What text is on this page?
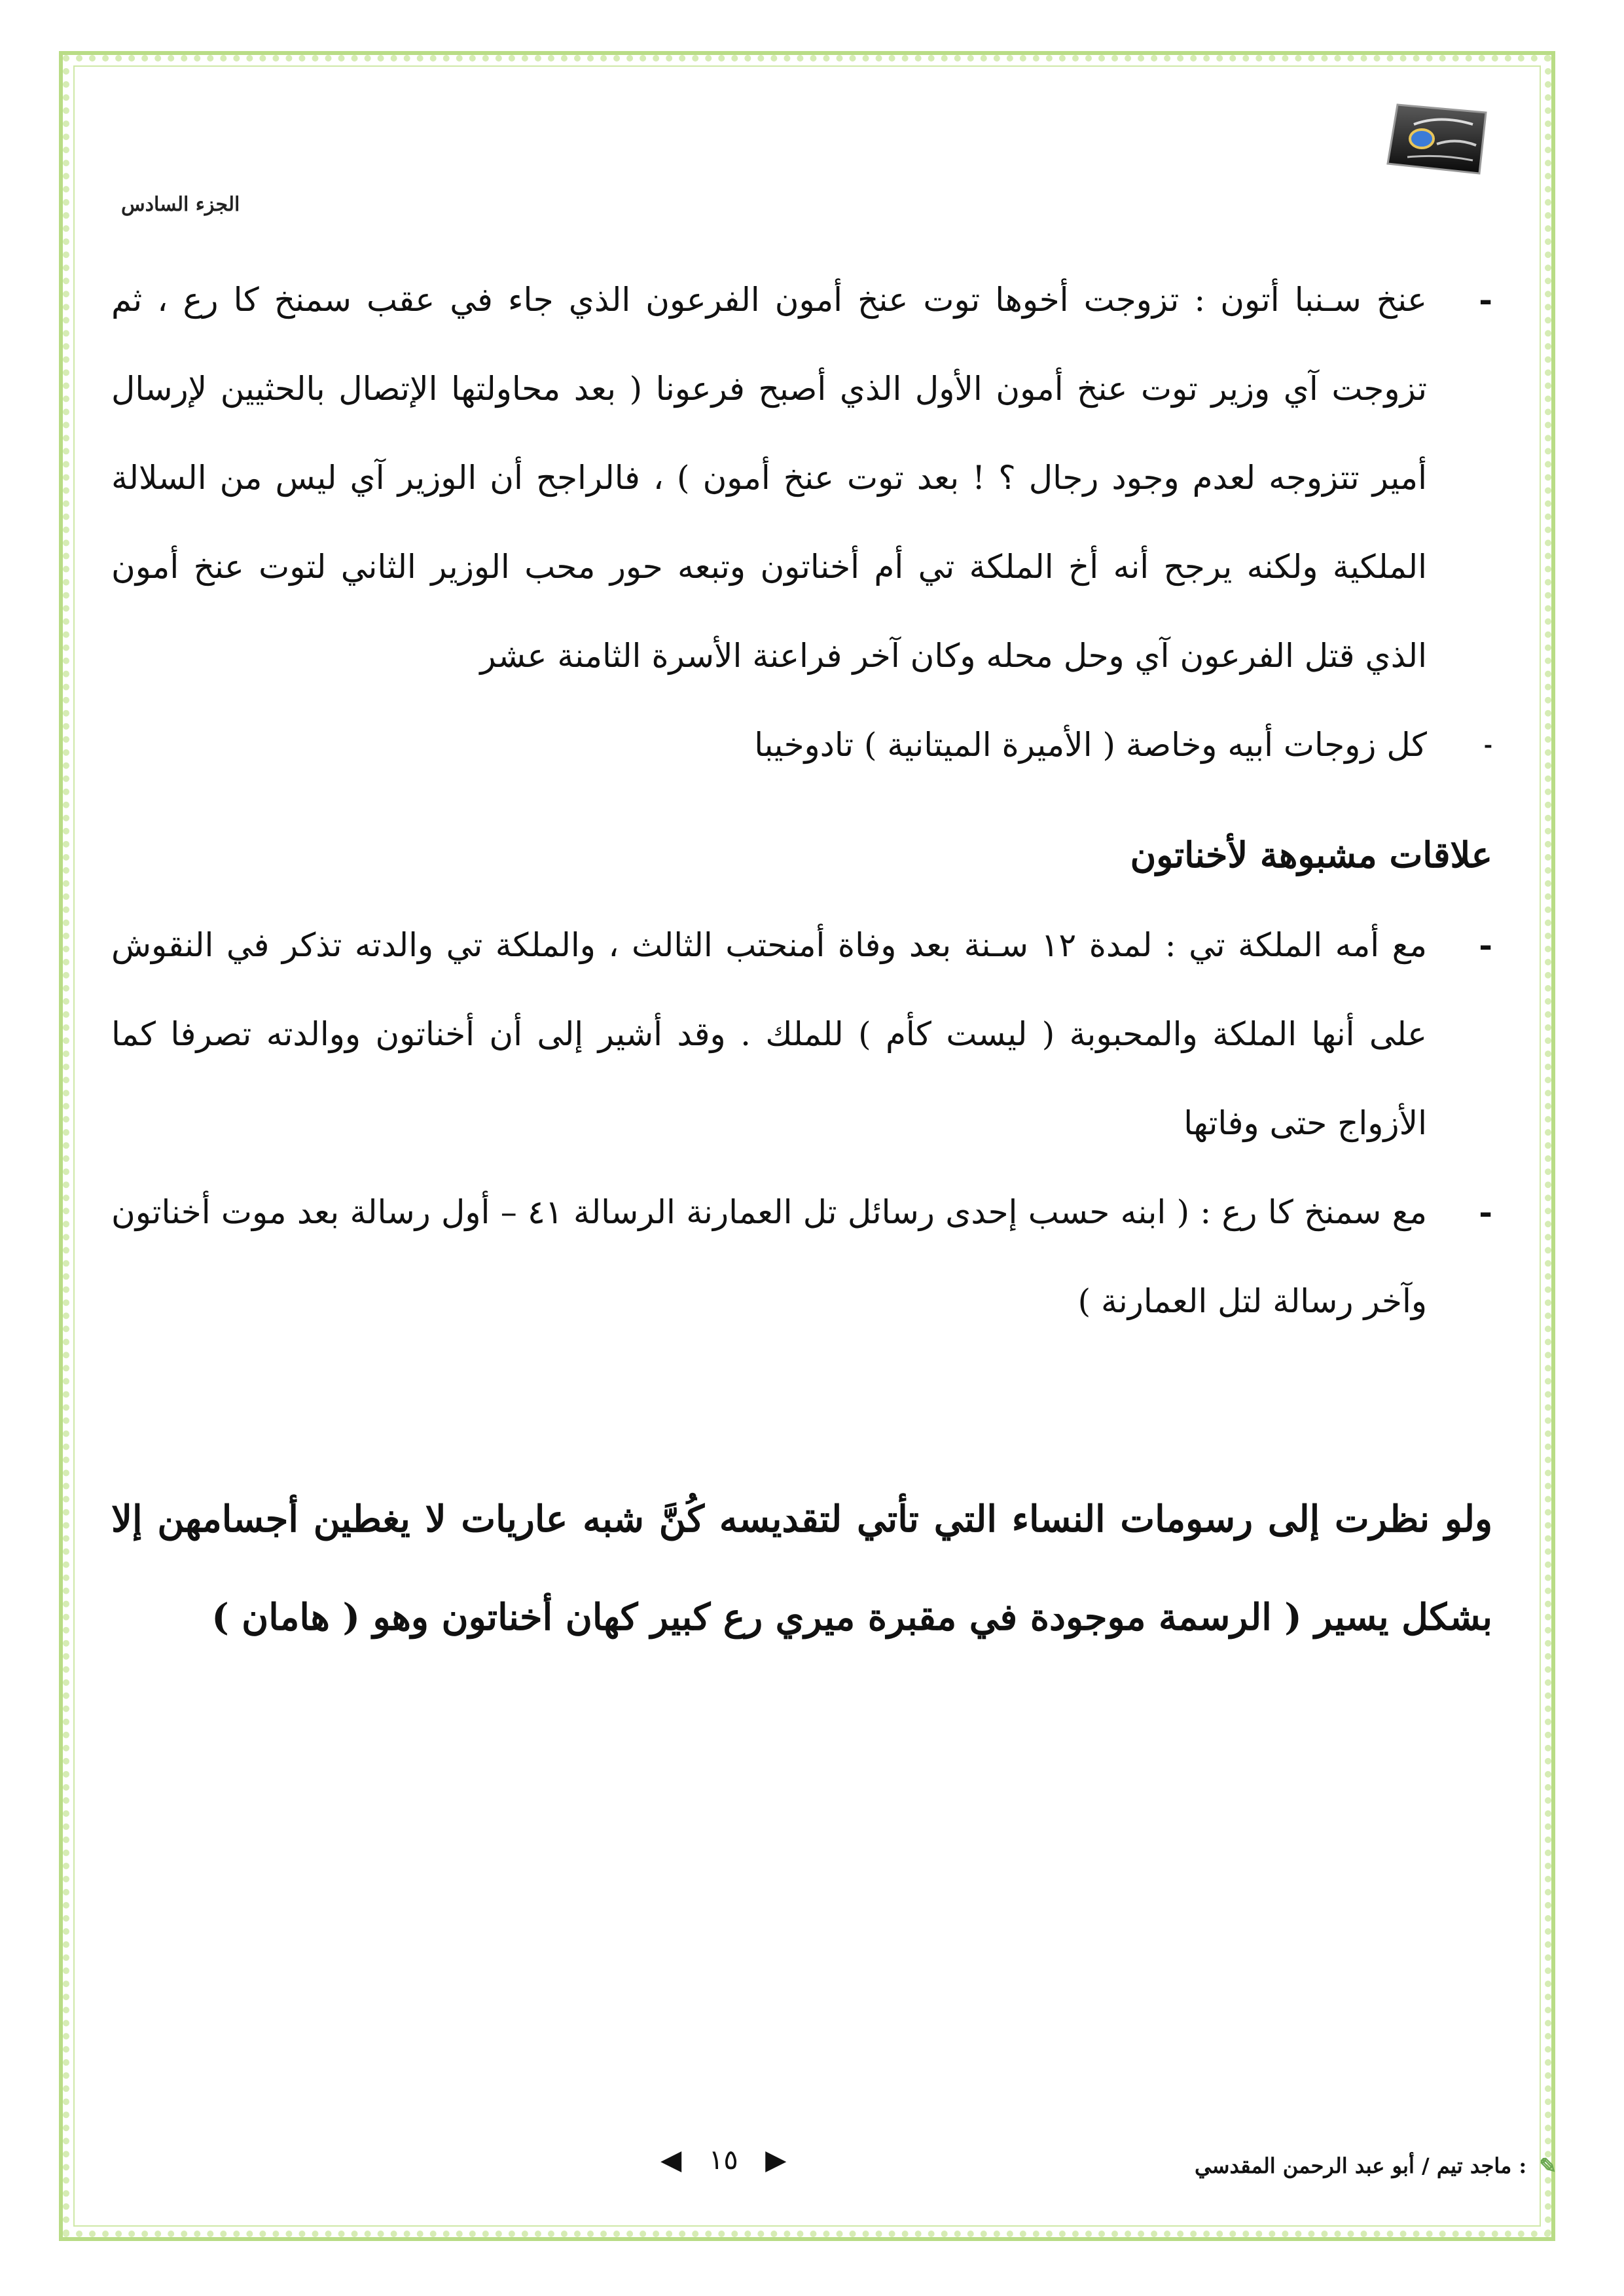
الجزء السادس
-
عنخ سـنبا أتون : تزوجت أخوها توت عنخ أمون الفرعون الذي جاء في عقب سمنخ كا رع ، ثم تزوجت آي وزير توت عنخ أمون الأول الذي أصبح فرعونا ( بعد محاولتها الإتصال بالحثيين لإرسال أمير تتزوجه لعدم وجود رجال ؟ ! بعد توت عنخ أمون ) ، فالراجح أن الوزير آي ليس من السلالة الملكية ولكنه يرجح أنه أخ الملكة تي أم أخناتون وتبعه حور محب الوزير الثاني لتوت عنخ أمون الذي قتل الفرعون آي وحل محله وكان آخر فراعنة الأسرة الثامنة عشر
-
كل زوجات أبيه وخاصة ( الأميرة الميتانية ) تادوخيبا
علاقات مشبوهة لأخناتون
-
مع أمه الملكة تي : لمدة ١٢ سـنة بعد وفاة أمنحتب الثالث ، والملكة تي والدته تذكر في النقوش على أنها الملكة والمحبوبة ( ليست كأم ) للملك . وقد أشير إلى أن أخناتون ووالدته تصرفا كما الأزواج حتى وفاتها
-
مع سمنخ كا رع : ( ابنه حسب إحدى رسائل تل العمارنة الرسالة ٤١ – أول رسالة بعد موت أخناتون وآخر رسالة لتل العمارنة )
ولو نظرت إلى رسومات النساء التي تأتي لتقديسه كُنَّ شبه عاريات لا يغطين أجسامهن إلا بشكل يسير ( الرسمة موجودة في مقبرة ميري رع كبير كهان أخناتون وهو ( هامان )
▶ ١٥ ◀	✎ : ماجد تيم / أبو عبد الرحمن المقدسي
